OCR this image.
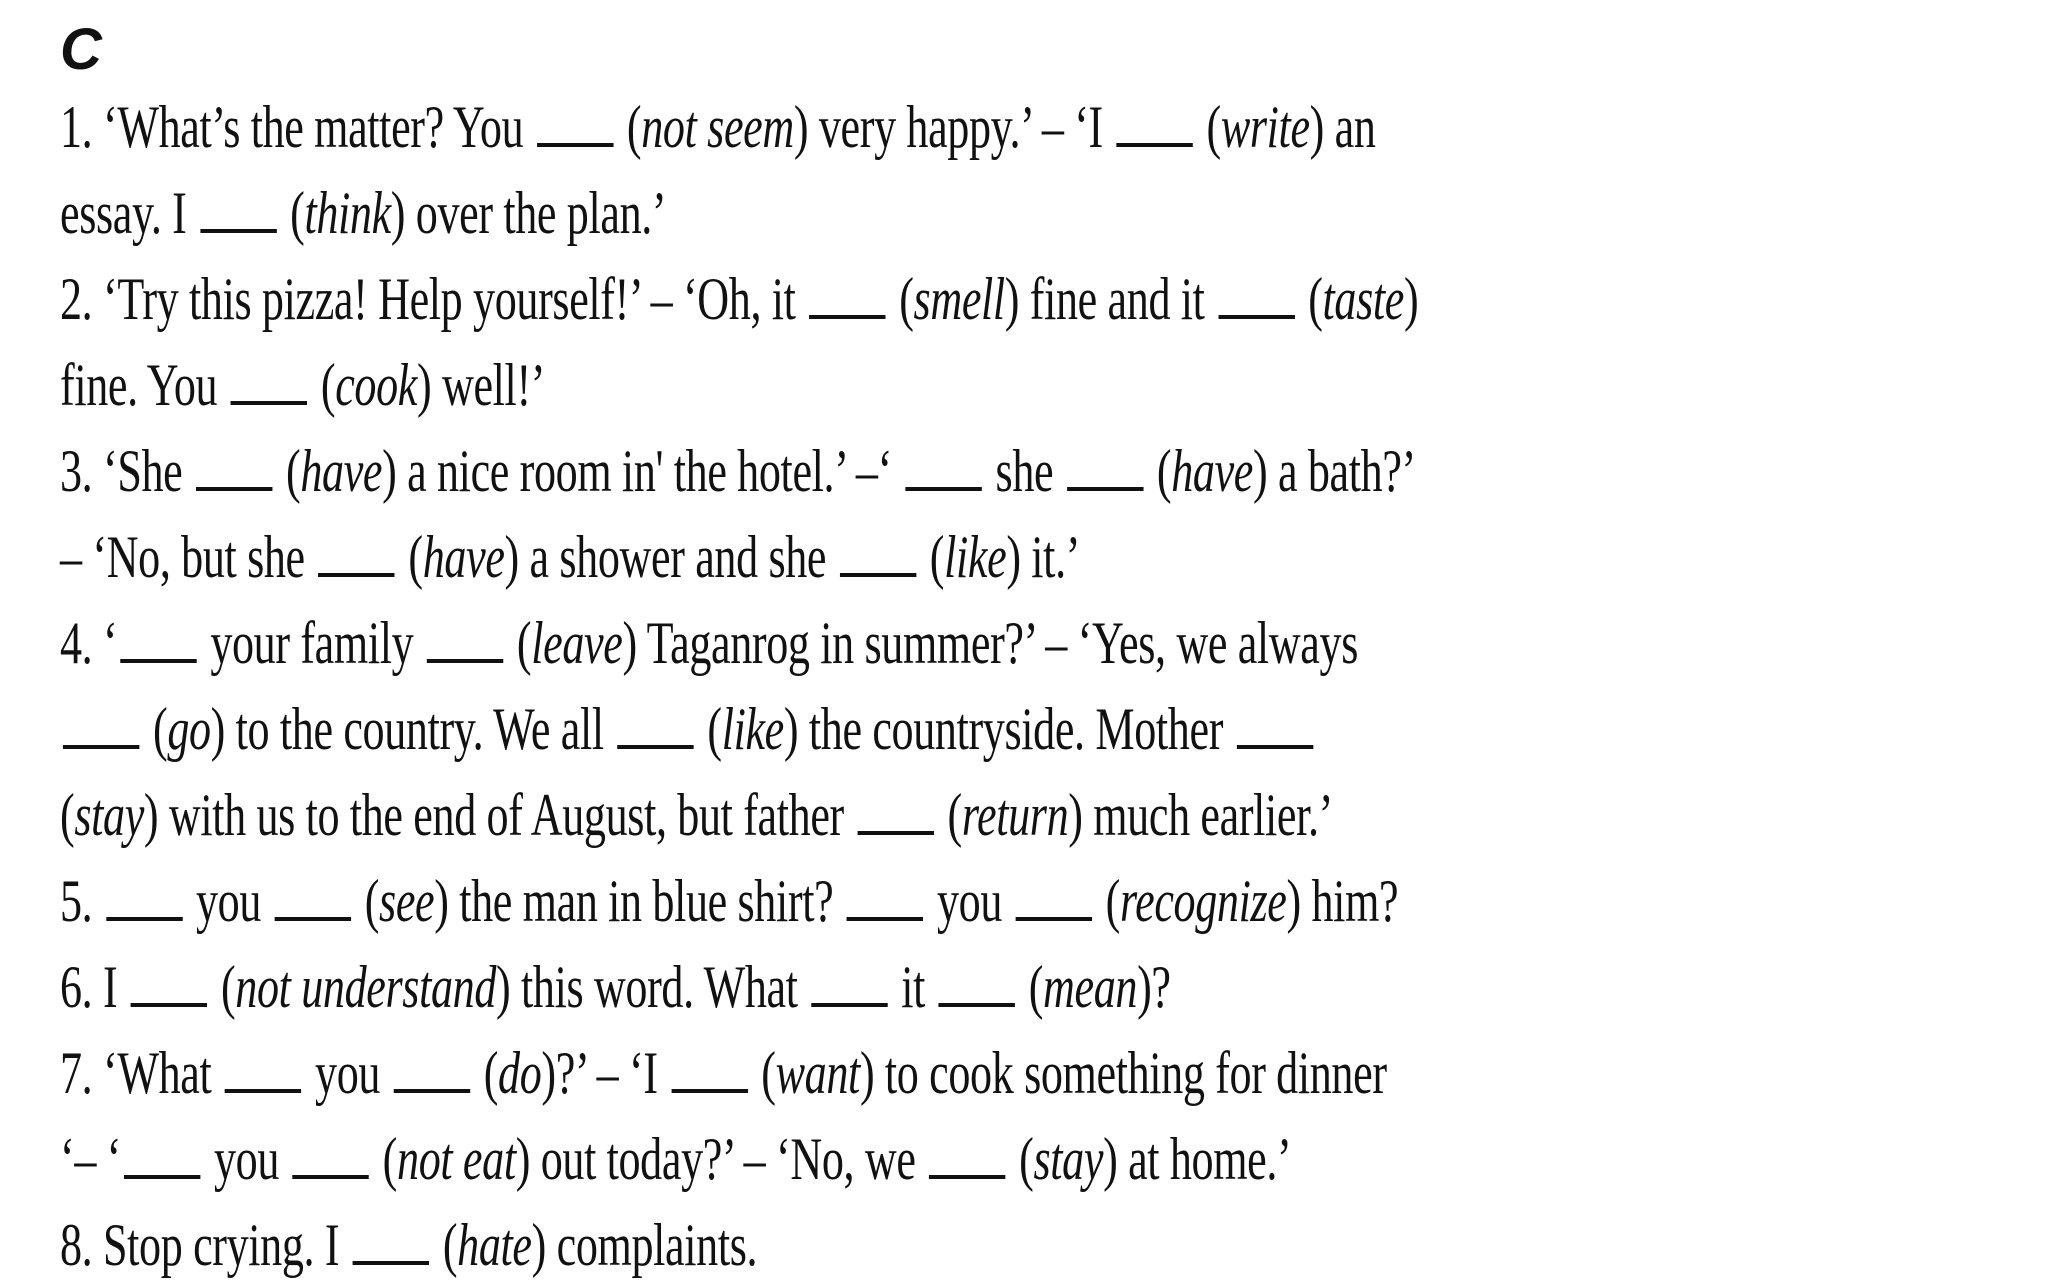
C
1. ‘What’s the matter? You  (not seem) very happy.’ – ‘I  (write) an
essay. I  (think) over the plan.’
2. ‘Try this pizza! Help yourself!’ – ‘Oh, it  (smell) fine and it  (taste)
fine. You  (cook) well!’
3. ‘She  (have) a nice room in' the hotel.’ –‘  she  (have) a bath?’
– ‘No, but she  (have) a shower and she  (like) it.’
4. ‘ your family  (leave) Taganrog in summer?’ – ‘Yes, we always
(go) to the country. We all  (like) the countryside. Mother
(stay) with us to the end of August, but father  (return) much earlier.’
5.  you  (see) the man in blue shirt?  you  (recognize) him?
6. I  (not understand) this word. What  it  (mean)?
7. ‘What  you  (do)?’ – ‘I  (want) to cook something for dinner
‘– ‘ you  (not eat) out today?’ – ‘No, we  (stay) at home.’
8. Stop crying. I  (hate) complaints.
